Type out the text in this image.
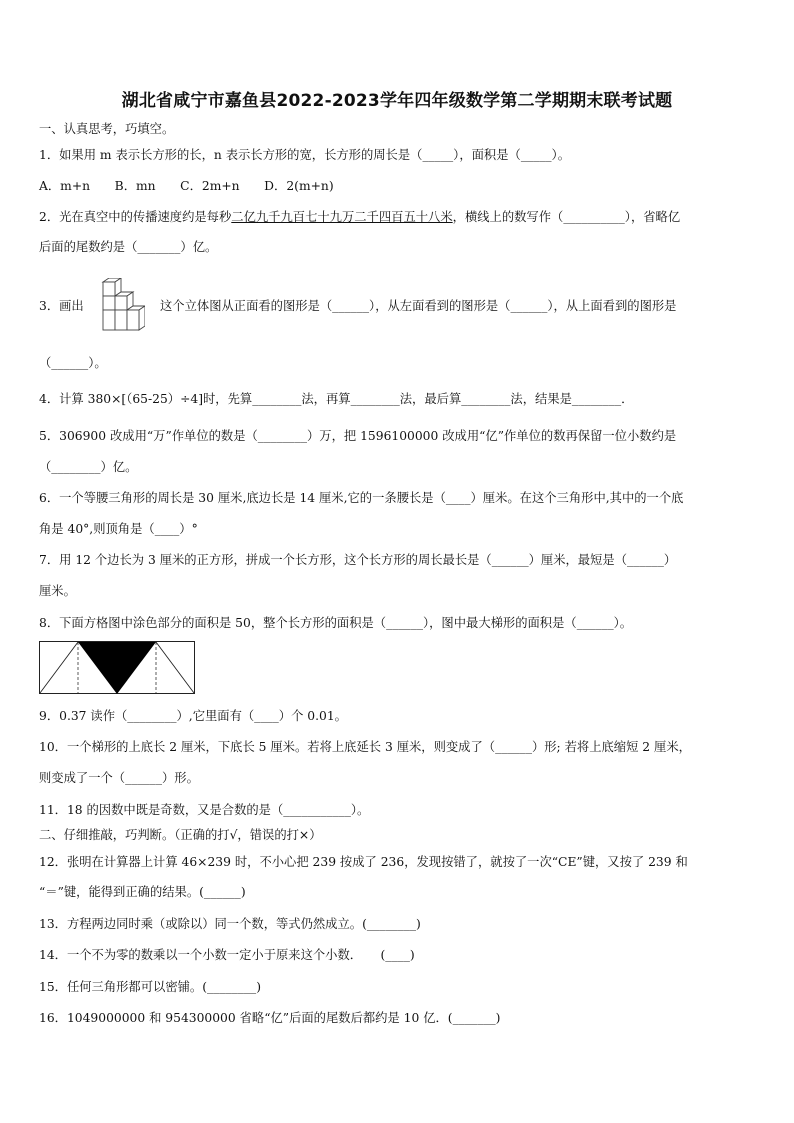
湖北省咸宁市嘉鱼县2022-2023学年四年级数学第二学期期末联考试题
一、认真思考，巧填空。
1．如果用 m 表示长方形的长，n 表示长方形的宽，长方形的周长是（_____），面积是（_____）。
A．m+n　　B．mn　　C．2m+n　　D．2(m+n)
2．光在真空中的传播速度约是每秒二亿九千九百七十九万二千四百五十八米，横线上的数写作（__________），省略亿
后面的尾数约是（_______）亿。
3．画出	这个立体图从正面看的图形是（______），从左面看到的图形是（______），从上面看到的图形是
（______）。
4．计算 380×[（65-25）÷4]时，先算________法，再算________法，最后算________法，结果是________．
5．306900 改成用“万”作单位的数是（________）万，把 1596100000 改成用“亿”作单位的数再保留一位小数约是
（________）亿。
6．一个等腰三角形的周长是 30 厘米,底边长是 14 厘米,它的一条腰长是（____）厘米。在这个三角形中,其中的一个底
角是 40°,则顶角是（____）°
7．用 12 个边长为 3 厘米的正方形，拼成一个长方形，这个长方形的周长最长是（______）厘米，最短是（______）
厘米。
8．下面方格图中涂色部分的面积是 50，整个长方形的面积是（______），图中最大梯形的面积是（______）。
9．0.37 读作（________）,它里面有（____）个 0.01。
10．一个梯形的上底长 2 厘米，下底长 5 厘米。若将上底延长 3 厘米，则变成了（______）形; 若将上底缩短 2 厘米，
则变成了一个（______）形。
11．18 的因数中既是奇数，又是合数的是（___________）。
二、仔细推敲，巧判断。（正确的打√，错误的打×）
12．张明在计算器上计算 46×239 时，不小心把 239 按成了 236，发现按错了，就按了一次“CE”键，又按了 239 和
“＝”键，能得到正确的结果。(______)
13．方程两边同时乘（或除以）同一个数，等式仍然成立。(________)
14．一个不为零的数乘以一个小数一定小于原来这个小数．　　(____)
15．任何三角形都可以密铺。(________)
16．1049000000 和 954300000 省略“亿”后面的尾数后都约是 10 亿．(_______)
